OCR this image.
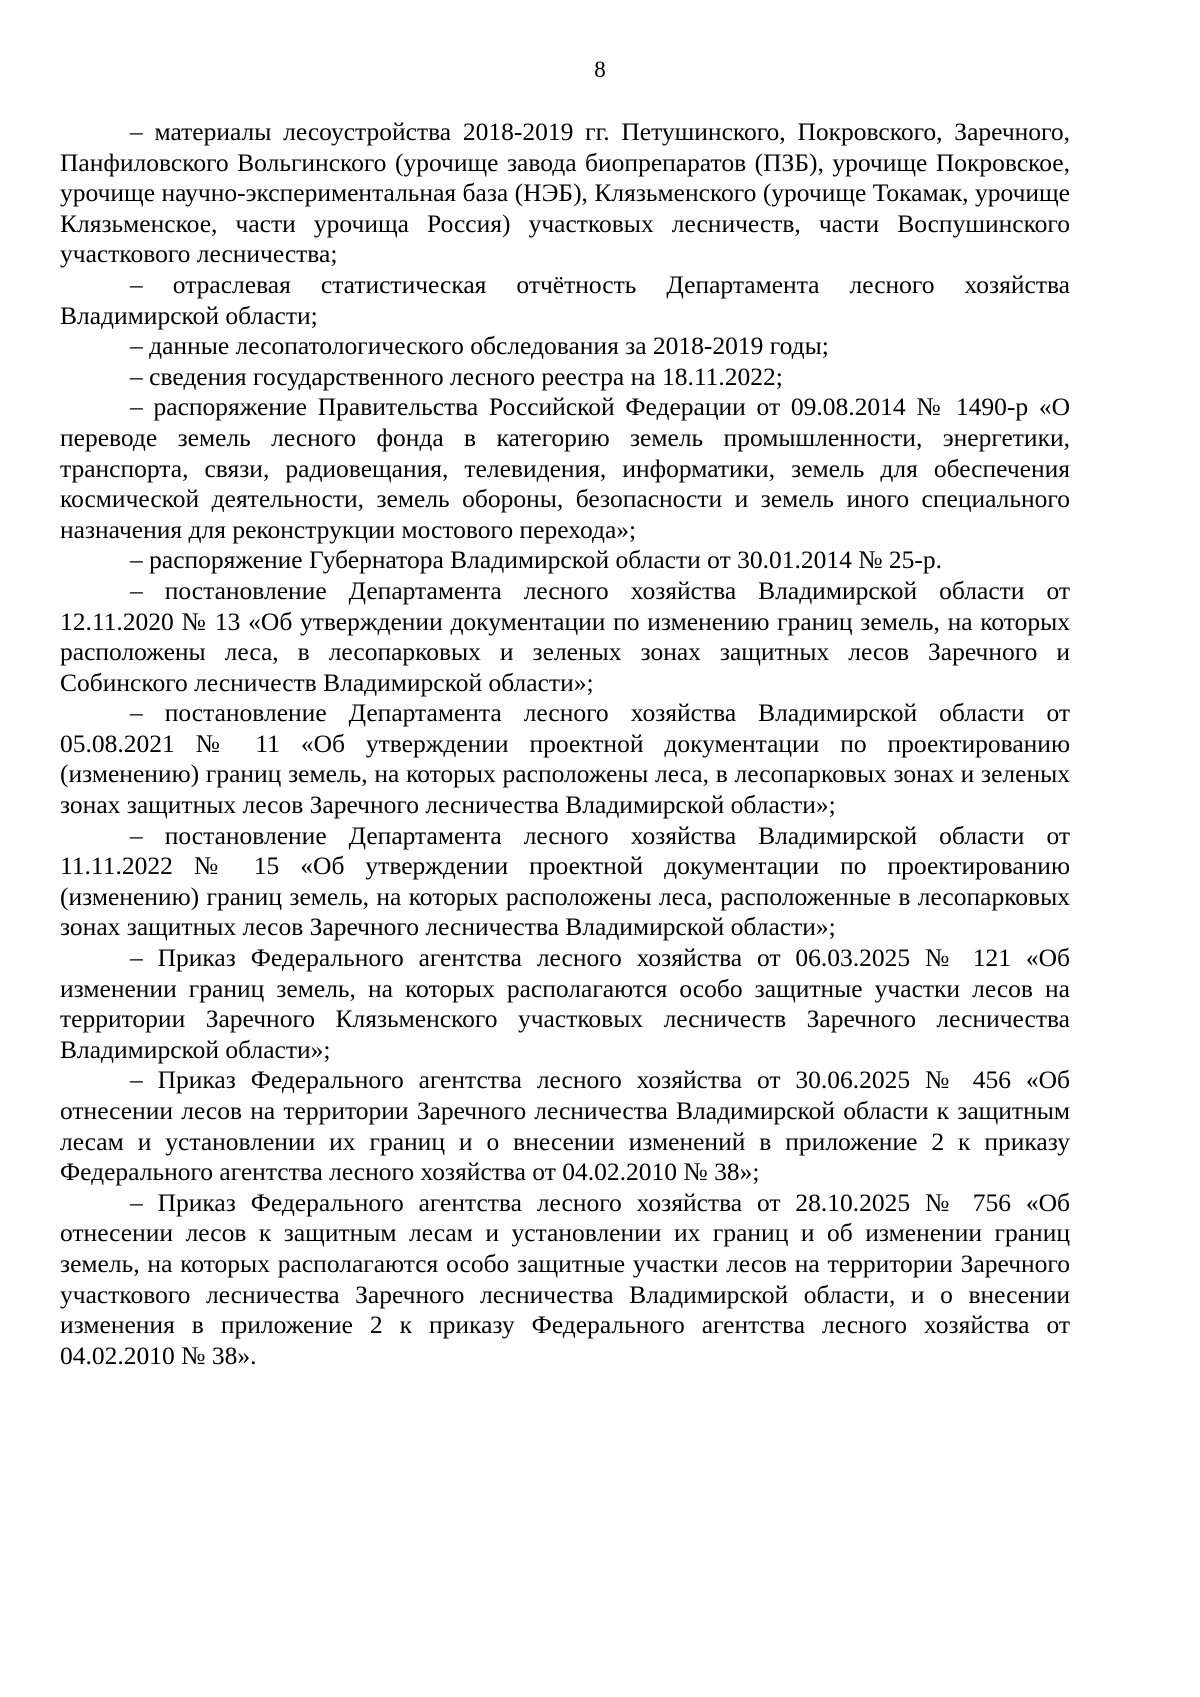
8

– материалы лесоустройства 2018-2019 гг. Петушинского, Покровского, Заречного, Панфиловского Вольгинского (урочище завода биопрепаратов (ПЗБ), урочище Покровское, урочище научно-экспериментальная база (НЭБ), Клязьменского (урочище Токамак, урочище Клязьменское, части урочища Россия) участковых лесничеств, части Воспушинского участкового лесничества;

– отраслевая статистическая отчётность Департамента лесного хозяйства Владимирской области;

– данные лесопатологического обследования за 2018-2019 годы;

– сведения государственного лесного реестра на 18.11.2022;

– распоряжение Правительства Российской Федерации от 09.08.2014 № 1490-р «О переводе земель лесного фонда в категорию земель промышленности, энергетики, транспорта, связи, радиовещания, телевидения, информатики, земель для обеспечения космической деятельности, земель обороны, безопасности и земель иного специального назначения для реконструкции мостового перехода»;

– распоряжение Губернатора Владимирской области от 30.01.2014 № 25-р.

– постановление Департамента лесного хозяйства Владимирской области от 12.11.2020 № 13 «Об утверждении документации по изменению границ земель, на которых расположены леса, в лесопарковых и зеленых зонах защитных лесов Заречного и Собинского лесничеств Владимирской области»;

– постановление Департамента лесного хозяйства Владимирской области от 05.08.2021 № 11 «Об утверждении проектной документации по проектированию (изменению) границ земель, на которых расположены леса, в лесопарковых зонах и зеленых зонах защитных лесов Заречного лесничества Владимирской области»;

– постановление Департамента лесного хозяйства Владимирской области от 11.11.2022 № 15 «Об утверждении проектной документации по проектированию (изменению) границ земель, на которых расположены леса, расположенные в лесопарковых зонах защитных лесов Заречного лесничества Владимирской области»;

– Приказ Федерального агентства лесного хозяйства от 06.03.2025 № 121 «Об изменении границ земель, на которых располагаются особо защитные участки лесов на территории Заречного Клязьменского участковых лесничеств Заречного лесничества Владимирской области»;

– Приказ Федерального агентства лесного хозяйства от 30.06.2025 № 456 «Об отнесении лесов на территории Заречного лесничества Владимирской области к защитным лесам и установлении их границ и о внесении изменений в приложение 2 к приказу Федерального агентства лесного хозяйства от 04.02.2010 № 38»;

– Приказ Федерального агентства лесного хозяйства от 28.10.2025 № 756 «Об отнесении лесов к защитным лесам и установлении их границ и об изменении границ земель, на которых располагаются особо защитные участки лесов на территории Заречного участкового лесничества Заречного лесничества Владимирской области, и о внесении изменения в приложение 2 к приказу Федерального агентства лесного хозяйства от 04.02.2010 № 38».
